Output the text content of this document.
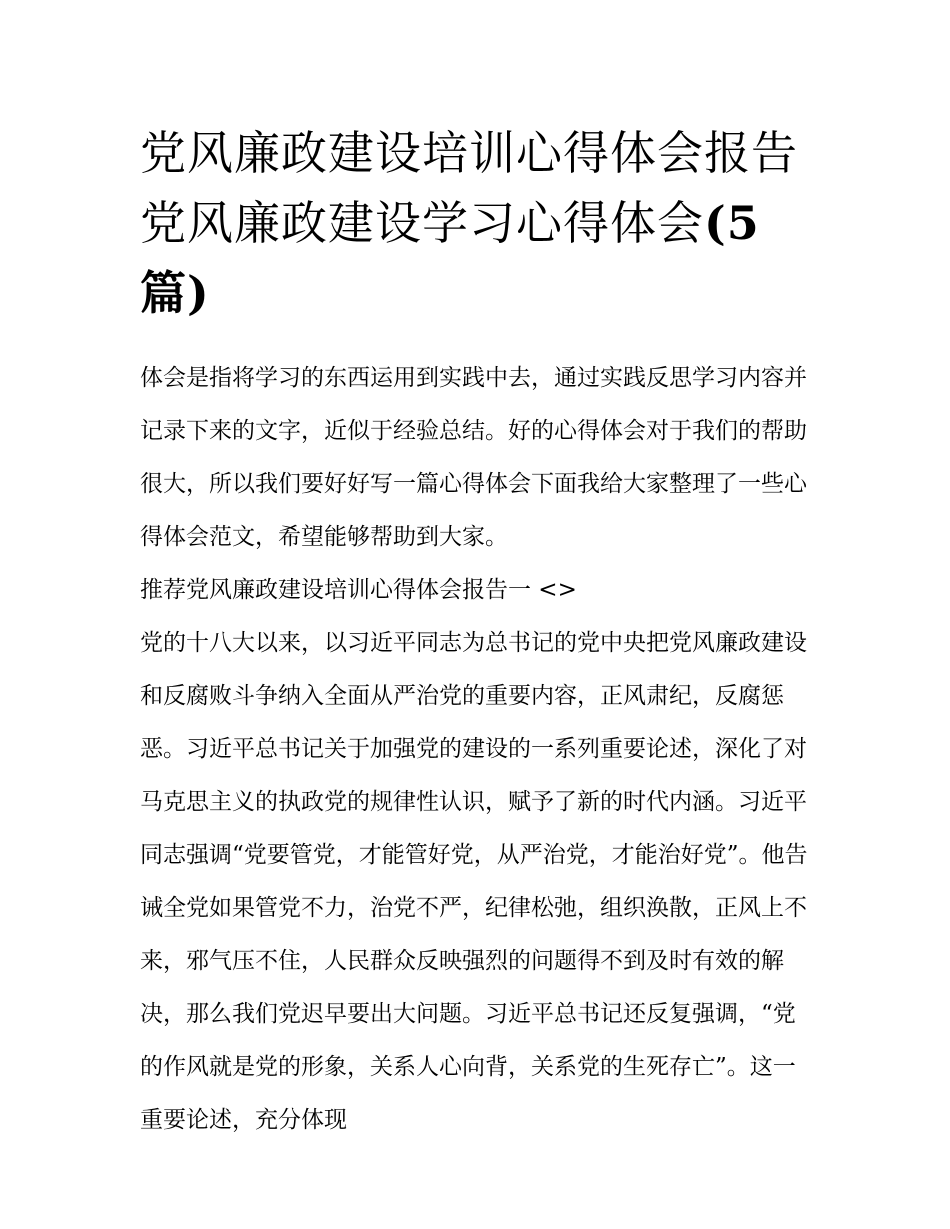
党风廉政建设培训心得体会报告 党风廉政建设学习心得体会(5篇)

体会是指将学习的东西运用到实践中去，通过实践反思学习内容并记录下来的文字，近似于经验总结。好的心得体会对于我们的帮助很大，所以我们要好好写一篇心得体会下面我给大家整理了一些心得体会范文，希望能够帮助到大家。

推荐党风廉政建设培训心得体会报告一 <>

党的十八大以来，以习近平同志为总书记的党中央把党风廉政建设和反腐败斗争纳入全面从严治党的重要内容，正风肃纪，反腐惩恶。习近平总书记关于加强党的建设的一系列重要论述，深化了对马克思主义的执政党的规律性认识，赋予了新的时代内涵。习近平同志强调“党要管党，才能管好党，从严治党，才能治好党”。他告诫全党如果管党不力，治党不严，纪律松弛，组织涣散，正风上不来，邪气压不住，人民群众反映强烈的问题得不到及时有效的解决，那么我们党迟早要出大问题。习近平总书记还反复强调，“党的作风就是党的形象，关系人心向背，关系党的生死存亡”。这一重要论述，充分体现
